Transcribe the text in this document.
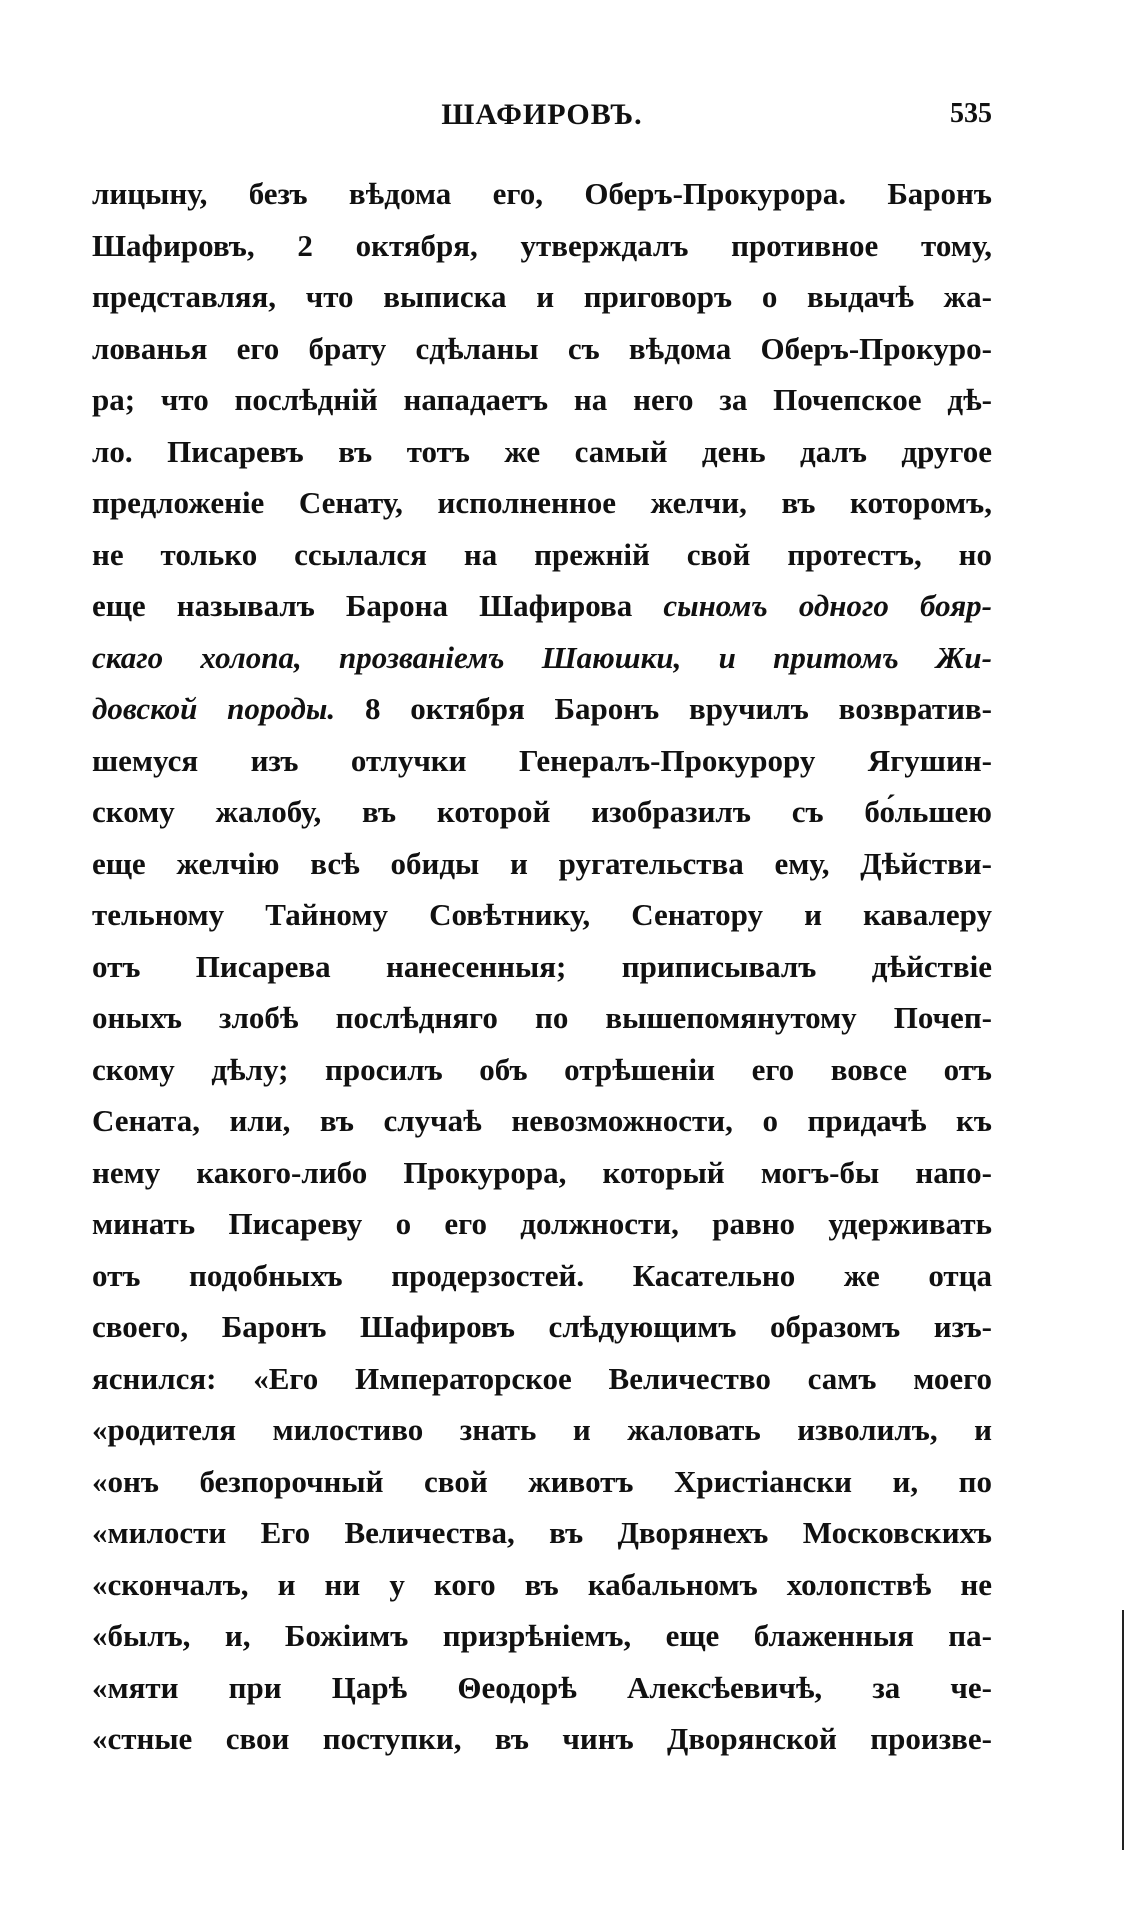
ШАФИРОВЪ.	535
лицыну, безъ вѣдома его, Оберъ-Прокурора. Баронъ
Шафировъ, 2 октября, утверждалъ противное тому,
представляя, что выписка и приговоръ о выдачѣ жа-
лованья его брату сдѣланы съ вѣдома Оберъ-Прокуро-
ра; что послѣдній нападаетъ на него за Почепское дѣ-
ло. Писаревъ въ тотъ же самый день далъ другое
предложеніе Сенату, исполненное желчи, въ которомъ,
не только ссылался на прежній свой протестъ, но
еще называлъ Барона Шафирова сыномъ одного бояр-
скаго холопа, прозваніемъ Шаюшки, и притомъ Жи-
довской породы. 8 октября Баронъ вручилъ возвратив-
шемуся изъ отлучки Генералъ-Прокурору Ягушин-
скому жалобу, въ которой изобразилъ съ бо́льшею
еще желчію всѣ обиды и ругательства ему, Дѣйстви-
тельному Тайному Совѣтнику, Сенатору и кавалеру
отъ Писарева нанесенныя; приписывалъ дѣйствіе
оныхъ злобѣ послѣдняго по вышепомянутому Почеп-
скому дѣлу; просилъ объ отрѣшеніи его вовсе отъ
Сената, или, въ случаѣ невозможности, о придачѣ къ
нему какого-либо Прокурора, который могъ-бы напо-
минать Писареву о его должности, равно удерживать
отъ подобныхъ продерзостей. Касательно же отца
своего, Баронъ Шафировъ слѣдующимъ образомъ изъ-
яснился: «Его Императорское Величество самъ моего
«родителя милостиво знать и жаловать изволилъ, и
«онъ безпорочный свой животъ Христіански и, по
«милости Его Величества, въ Дворянехъ Московскихъ
«скончалъ, и ни у кого въ кабальномъ холопствѣ не
«былъ, и, Божіимъ призрѣніемъ, еще блаженныя па-
«мяти при Царѣ Θеодорѣ Алексѣевичѣ, за че-
«стные свои поступки, въ чинъ Дворянской произве-
